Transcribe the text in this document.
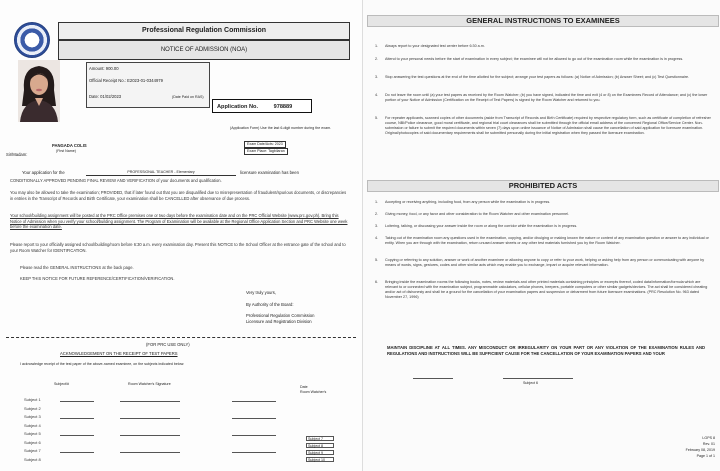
Professional Regulation Commission
NOTICE OF ADMISSION (NOA)
Amount: 900.00
Official Receipt No.: E2023-01-0344979
Date: 01/02/2023	(Date Paid on RAS)
Application No.	978889
(Application Form) Use the last 6-digit number during the exam.
Exam Date/Acts: 2023
Exam Place: Tagbilaran
PANGADA COLIS
(First Name)
Sir/Madam:
Your application for the	PROFESSIONAL TEACHER - Elementary	licensure examination has been
CONDITIONALLY APPROVED PENDING FINAL REVIEW AND VERIFICATION of your documents and qualification.
You may also be allowed to take the examination; PROVIDED, that if later found out that you are disqualified due to misrepresentation of fraudulent/spurious documents, or discrepancies in entries in the Transcript of Records and Birth Certificate, your examination shall be CANCELLED after observance of due process.
Your school/building assignment will be posted at the PRC Office premises one or two days before the examination date and on the PRC Official Website (www.prc.gov.ph). Bring this Notice of Admission when you verify your school/building assignment. The Program of Examination will be available at the Regional Office Application Section and PRC Website one week before the examination date.
Please report to your officially assigned school/building/room before 6:30 a.m. every examination day. Present this NOTICE to the School Officer at the entrance gate of the school and to your Room Watcher for IDENTIFICATION.
Please read the GENERAL INSTRUCTIONS at the back page.
KEEP THIS NOTICE FOR FUTURE REFERENCE/CERTIFICATION/VERIFICATION.
Very truly yours,
By Authority of the Board:
Professional Regulation Commission
Licensure and Registration Division
(FOR PRC USE ONLY)
ACKNOWLEDGEMENT ON THE RECEIPT OF TEST PAPERS
I acknowledge receipt of the test paper of the above-named examinee, on the subjects indicated below:
Subject/#	Room Watcher's Signature
Date
Room Watcher's
Subject 1
Subject 2
Subject 3
Subject 4
Subject 5
Subject 6
Subject 7
Subject 8
Subject 7
Subject 8
Subject 9
Subject 10
GENERAL INSTRUCTIONS TO EXAMINEES
1. Always report to your designated test center before 6:30 a.m.
2. Attend to your personal needs before the start of examination in every subject; the examinee will not be allowed to go out of the examination room while the examination is in progress.
3. Stop answering the test questions at the end of the time allotted for the subject; arrange your test papers as follows: (a) Notice of Admission; (b) Answer Sheet; and (c) Test Questionnaire.
4. Do not leave the room until (a) your test papers as received by the Room Watcher; (b) you have signed, indicated the time and exit (4 or 8) on the Examinees Record of Attendance; and (c) the lower portion of your Notice of Admission (Certification on the Receipt of Test Papers) is signed by the Room Watcher and returned to you.
5. For repeater applicants, scanned copies of other documents (aside from Transcript of Records and Birth Certificate) required by respective regulatory form, such as certificate of completion of refresher course, NBI/Police clearance, good moral certificate, and regional trial court clearances shall be submitted through the official email address of the concerned Regional Office/Service Center. Non-submission or failure to submit the required documents within seven (7) days upon online issuance of Notice of Admission shall cause the cancellation of said application for licensure examination. Original/photocopies of said documentary requirements shall be submitted personally during the initial registration when they passed the licensure examination.
PROHIBITED ACTS
1. Accepting or receiving anything, including food, from any person while the examination is in progress.
2. Giving money, food, or any favor and other consideration to the Room Watcher and other examination personnel.
3. Loitering, talking, or discussing your answer inside the room or along the corridor while the examination is in progress.
4. Taking out of the examination room any questions used in the examination, copying, and/or divulging or making known the nature or content of any examination question or answer to any individual or entity. When you are through with the examination, return unused answer sheets or any other test materials furnished you by the Room Watcher.
5. Copying or referring to any solution, answer or work of another examinee or allowing anyone to copy or refer to your work, helping or asking help from any person or communicating with anyone by means of words, signs, gestures, codes and other similar acts which may enable you to exchange, impart or acquire relevant information.
6. Bringing inside the examination rooms the following books, notes, review materials and other printed materials containing principles or excerpts thereof, coded data/information/formula which are relevant to or connected with the examination subject, programmable calculators, cellular phones, beepers, portable computers or other similar gadgets/devices. The act shall be considered cheating and/or act of dishonesty and shall be a ground for the cancellation of your examination papers and suspension or debarment from future licensure examinations. (PRC Resolution No. 963 dated November 27, 1996)
MAINTAIN DISCIPLINE AT ALL TIMES. ANY MISCONDUCT OR IRREGULARITY ON YOUR PART OR ANY VIOLATION OF THE EXAMINATION RULES AND REGULATIONS AND INSTRUCTIONS WILL BE SUFFICIENT CAUSE FOR THE CANCELLATION OF YOUR EXAMINATION PAPERS AND YOUR
Subject 6
LGPS 8
Rev. 01
February 08, 2019
Page 1 of 1
